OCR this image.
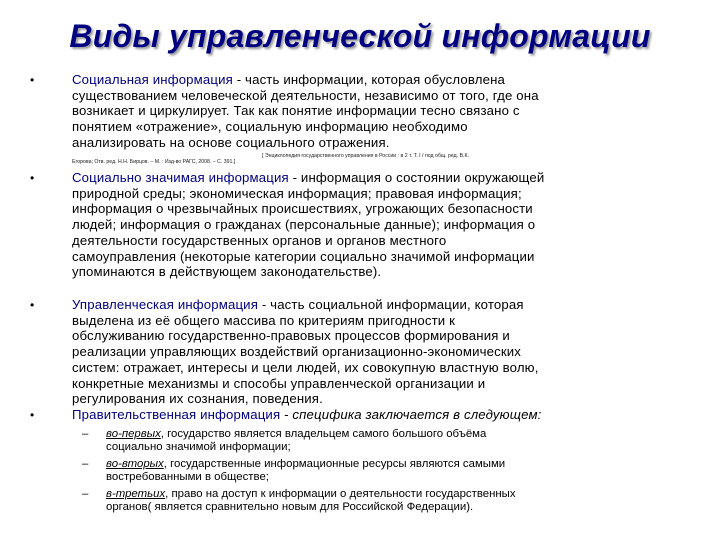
Виды управленческой информации
•	Социальная информация - часть информации, которая обусловлена
существованием человеческой деятельности, независимо от того, где она
возникает и циркулирует. Так как понятие информации тесно связано с
понятием «отражение», социальную информацию необходимо
анализировать на основе социального отражения.
[ Энциклопедия государственного управления в России : в 2 т. Т. I / под общ. ред. В.К.
Егорова; Отв. ред. Н.Н. Бирцов. – М. : Изд-во РАГС, 2008. – С. 391.]
•	Социально значимая информация - информация о состоянии окружающей
природной среды; экономическая информация; правовая информация;
информация о чрезвычайных происшествиях, угрожающих безопасности
людей; информация о гражданах (персональные данные); информация о
деятельности государственных органов и органов местного
самоуправления (некоторые категории социально значимой информации
упоминаются в действующем законодательстве).
•	Управленческая информация - часть социальной информации, которая
выделена из её общего массива по критериям пригодности к
обслуживанию государственно-правовых процессов формирования и
реализации управляющих воздействий организационно-экономических
систем: отражает, интересы и цели людей, их совокупную властную волю,
конкретные механизмы и способы управленческой организации и
регулирования их сознания, поведения.
•	Правительственная информация - специфика заключается в следующем:
– во-первых, государство является владельцем самого большого объёма
социально значимой информации;
– во-вторых, государственные информационные ресурсы являются самыми
востребованными в обществе;
– в-третьих, право на доступ к информации о деятельности государственных
органов( является сравнительно новым для Российской Федерации).
